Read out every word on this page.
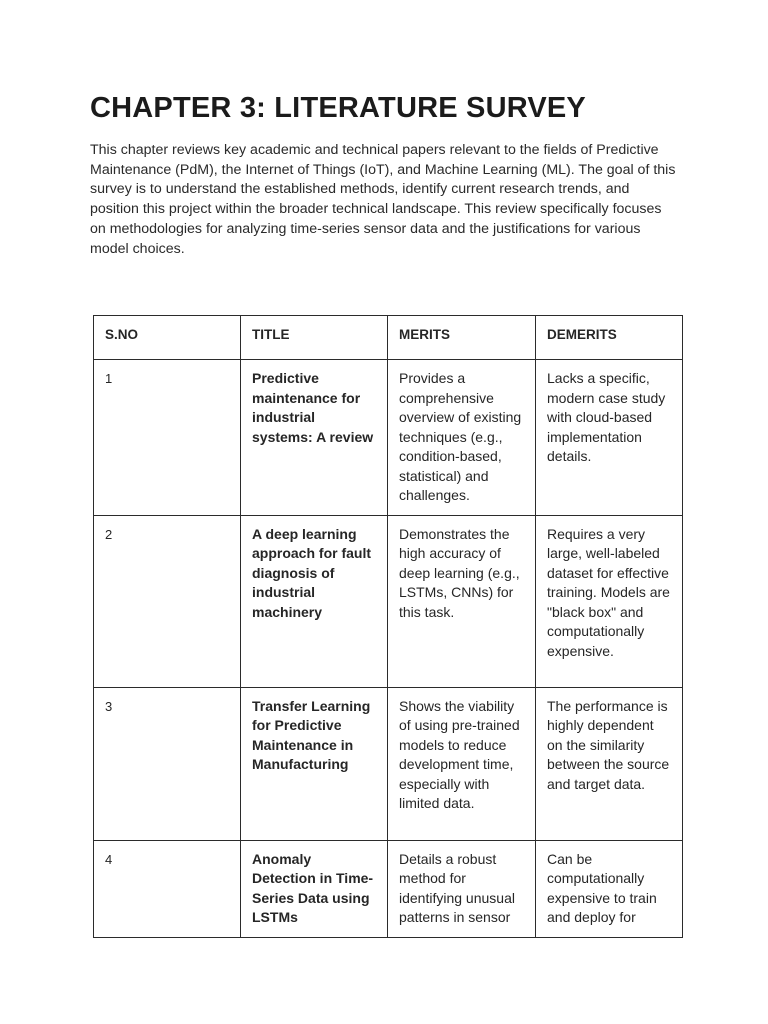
CHAPTER 3: LITERATURE SURVEY

This chapter reviews key academic and technical papers relevant to the fields of Predictive Maintenance (PdM), the Internet of Things (IoT), and Machine Learning (ML). The goal of this survey is to understand the established methods, identify current research trends, and position this project within the broader technical landscape. This review specifically focuses on methodologies for analyzing time-series sensor data and the justifications for various model choices.

S.NO	TITLE	MERITS	DEMERITS
1	Predictive maintenance for industrial systems: A review	Provides a comprehensive overview of existing techniques (e.g., condition-based, statistical) and challenges.	Lacks a specific, modern case study with cloud-based implementation details.
2	A deep learning approach for fault diagnosis of industrial machinery	Demonstrates the high accuracy of deep learning (e.g., LSTMs, CNNs) for this task.	Requires a very large, well-labeled dataset for effective training. Models are "black box" and computationally expensive.
3	Transfer Learning for Predictive Maintenance in Manufacturing	Shows the viability of using pre-trained models to reduce development time, especially with limited data.	The performance is highly dependent on the similarity between the source and target data.
4	Anomaly Detection in Time-Series Data using LSTMs	Details a robust method for identifying unusual patterns in sensor	Can be computationally expensive to train and deploy for
